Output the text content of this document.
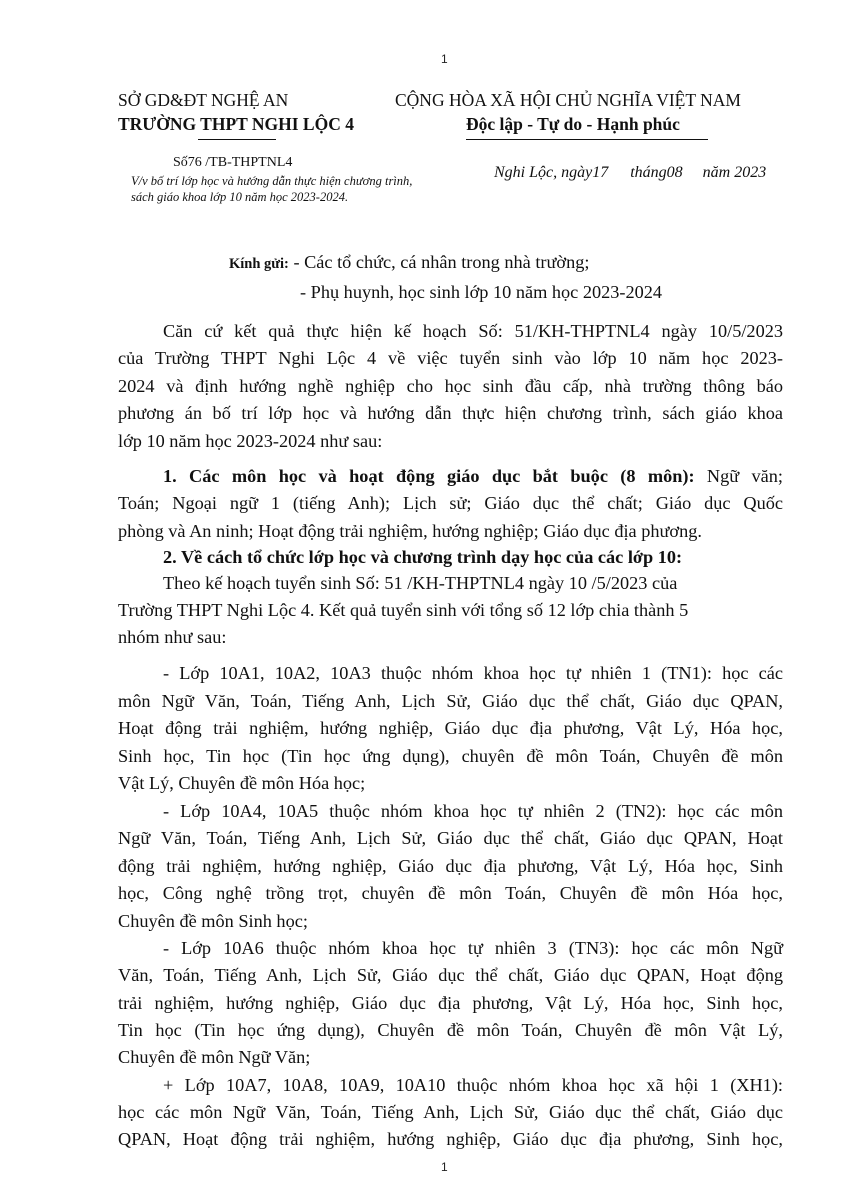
1
SỞ GD&ĐT NGHỆ AN
TRƯỜNG THPT NGHI LỘC 4
CỘNG HÒA XÃ HỘI CHỦ NGHĨA VIỆT NAM
Độc lập - Tự do - Hạnh phúc
Số76 /TB-THPTNL4
V/v bố trí lớp học và hướng dẫn thực hiện chương trình,
sách giáo khoa lớp 10 năm học 2023-2024.
Nghi Lộc, ngày17 tháng08 năm 2023
Kính gửi: - Các tổ chức, cá nhân trong nhà trường;
- Phụ huynh, học sinh lớp 10 năm học 2023-2024
Căn cứ kết quả thực hiện kế hoạch Số: 51/KH-THPTNL4 ngày 10/5/2023
của Trường THPT Nghi Lộc 4 về việc tuyển sinh vào lớp 10 năm học 2023-
2024 và định hướng nghề nghiệp cho học sinh đầu cấp, nhà trường thông báo
phương án bố trí lớp học và hướng dẫn thực hiện chương trình, sách giáo khoa
lớp 10 năm học 2023-2024 như sau:
1. Các môn học và hoạt động giáo dục bắt buộc (8 môn): Ngữ văn;
Toán; Ngoại ngữ 1 (tiếng Anh); Lịch sử; Giáo dục thể chất; Giáo dục Quốc
phòng và An ninh; Hoạt động trải nghiệm, hướng nghiệp; Giáo dục địa phương.
2. Về cách tổ chức lớp học và chương trình dạy học của các lớp 10:
Theo kế hoạch tuyển sinh Số: 51 /KH-THPTNL4 ngày 10 /5/2023 của
Trường THPT Nghi Lộc 4. Kết quả tuyển sinh với tổng số 12 lớp chia thành 5
nhóm như sau:
- Lớp 10A1, 10A2, 10A3 thuộc nhóm khoa học tự nhiên 1 (TN1): học các
môn Ngữ Văn, Toán, Tiếng Anh, Lịch Sử, Giáo dục thể chất, Giáo dục QPAN,
Hoạt động trải nghiệm, hướng nghiệp, Giáo dục địa phương, Vật Lý, Hóa học,
Sinh học, Tin học (Tin học ứng dụng), chuyên đề môn Toán, Chuyên đề môn
Vật Lý, Chuyên đề môn Hóa học;
- Lớp 10A4, 10A5 thuộc nhóm khoa học tự nhiên 2 (TN2): học các môn
Ngữ Văn, Toán, Tiếng Anh, Lịch Sử, Giáo dục thể chất, Giáo dục QPAN, Hoạt
động trải nghiệm, hướng nghiệp, Giáo dục địa phương, Vật Lý, Hóa học, Sinh
học, Công nghệ trồng trọt, chuyên đề môn Toán, Chuyên đề môn Hóa học,
Chuyên đề môn Sinh học;
- Lớp 10A6 thuộc nhóm khoa học tự nhiên 3 (TN3): học các môn Ngữ
Văn, Toán, Tiếng Anh, Lịch Sử, Giáo dục thể chất, Giáo dục QPAN, Hoạt động
trải nghiệm, hướng nghiệp, Giáo dục địa phương, Vật Lý, Hóa học, Sinh học,
Tin học (Tin học ứng dụng), Chuyên đề môn Toán, Chuyên đề môn Vật Lý,
Chuyên đề môn Ngữ Văn;
+ Lớp 10A7, 10A8, 10A9, 10A10 thuộc nhóm khoa học xã hội 1 (XH1):
học các môn Ngữ Văn, Toán, Tiếng Anh, Lịch Sử, Giáo dục thể chất, Giáo dục
QPAN, Hoạt động trải nghiệm, hướng nghiệp, Giáo dục địa phương, Sinh học,
1
